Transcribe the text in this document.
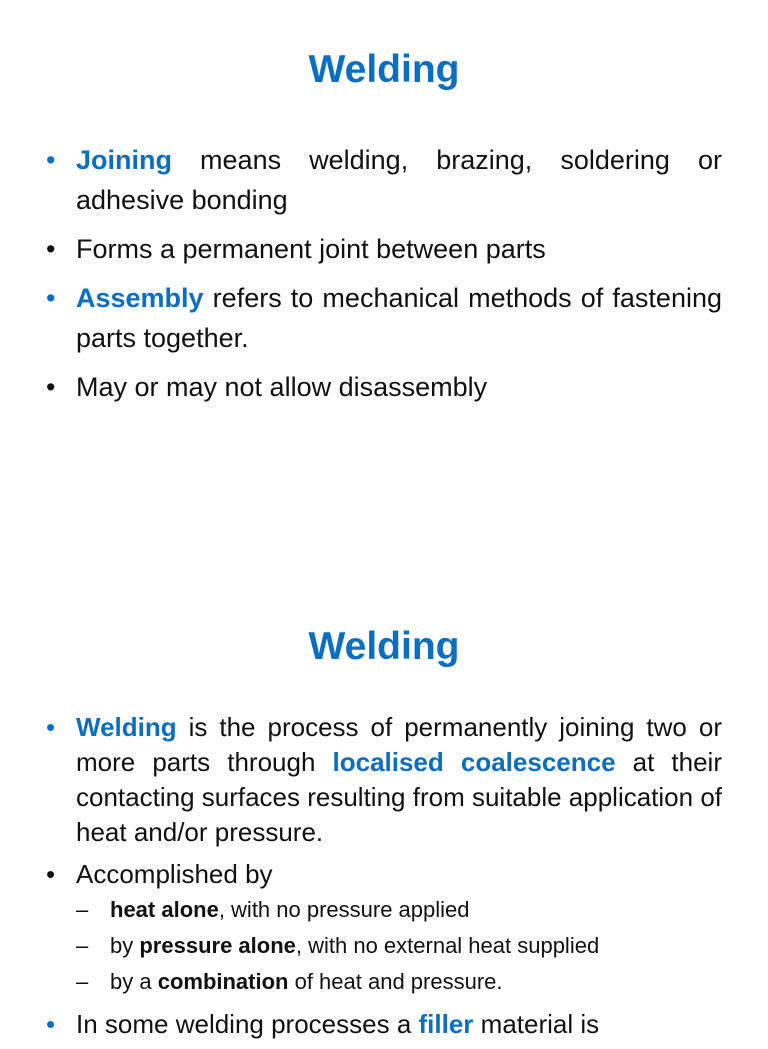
Welding
• Joining means welding, brazing, soldering or adhesive bonding
• Forms a permanent joint between parts
• Assembly refers to mechanical methods of fastening parts together.
• May or may not allow disassembly
Welding
• Welding is the process of permanently joining two or more parts through localised coalescence at their contacting surfaces resulting from suitable application of heat and/or pressure.
• Accomplished by
– heat alone, with no pressure applied
– by pressure alone, with no external heat supplied
– by a combination of heat and pressure.
• In some welding processes a filler material is
